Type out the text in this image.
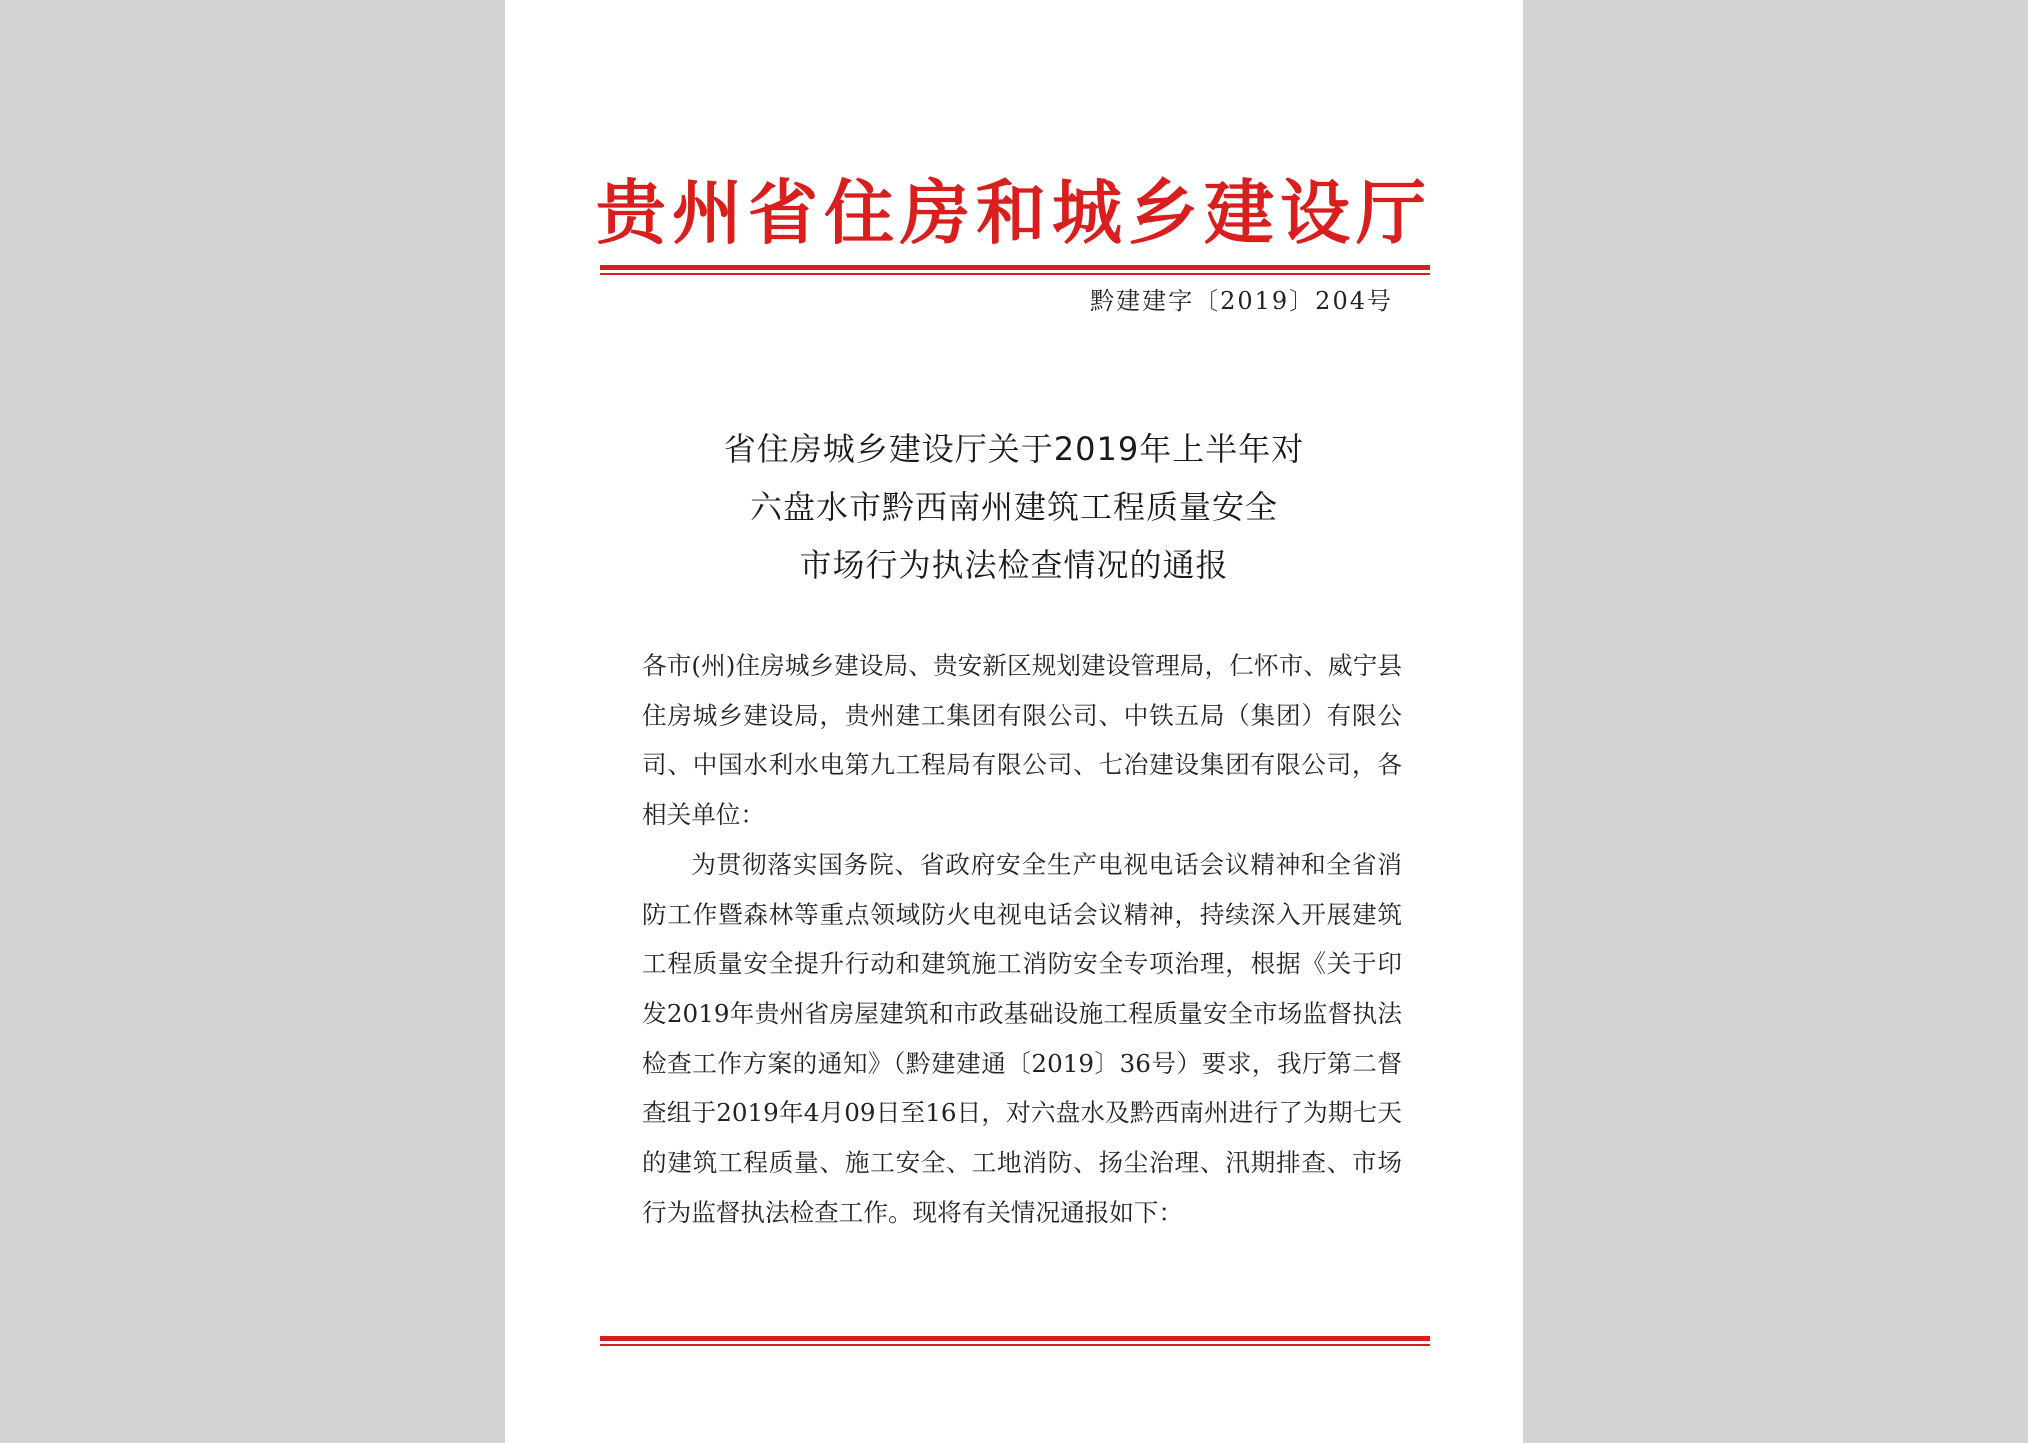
贵州省住房和城乡建设厅
黔建建字〔2019〕204号
省住房城乡建设厅关于2019年上半年对
六盘水市黔西南州建筑工程质量安全
市场行为执法检查情况的通报

各市(州)住房城乡建设局、贵安新区规划建设管理局，仁怀市、威宁县住房城乡建设局，贵州建工集团有限公司、中铁五局（集团）有限公司、中国水利水电第九工程局有限公司、七冶建设集团有限公司，各相关单位：

为贯彻落实国务院、省政府安全生产电视电话会议精神和全省消防工作暨森林等重点领域防火电视电话会议精神，持续深入开展建筑工程质量安全提升行动和建筑施工消防安全专项治理，根据《关于印发2019年贵州省房屋建筑和市政基础设施工程质量安全市场监督执法检查工作方案的通知》（黔建建通〔2019〕36号）要求，我厅第二督查组于2019年4月09日至16日，对六盘水及黔西南州进行了为期七天的建筑工程质量、施工安全、工地消防、扬尘治理、汛期排查、市场行为监督执法检查工作。现将有关情况通报如下：
